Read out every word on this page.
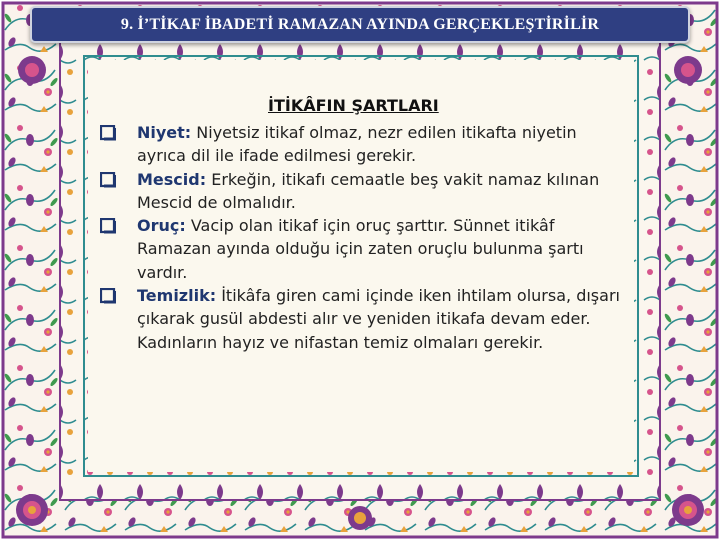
9. İ’TİKAF İBADETİ RAMAZAN AYINDA GERÇEKLEŞTİRİLİR
İTİKÂFIN ŞARTLARI
Niyet: Niyetsiz itikaf olmaz, nezr edilen itikafta niyetin ayrıca dil ile ifade edilmesi gerekir.
Mescid: Erkeğin, itikafı cemaatle beş vakit namaz kılınan Mescid de olmalıdır.
Oruç: Vacip olan itikaf için oruç şarttır. Sünnet itikâf Ramazan ayında olduğu için zaten oruçlu bulunma şartı vardır.
Temizlik: İtikâfa giren cami içinde iken ihtilam olursa, dışarı çıkarak gusül abdesti alır ve yeniden itikafa devam eder. Kadınların hayız ve nifastan temiz olmaları gerekir.
